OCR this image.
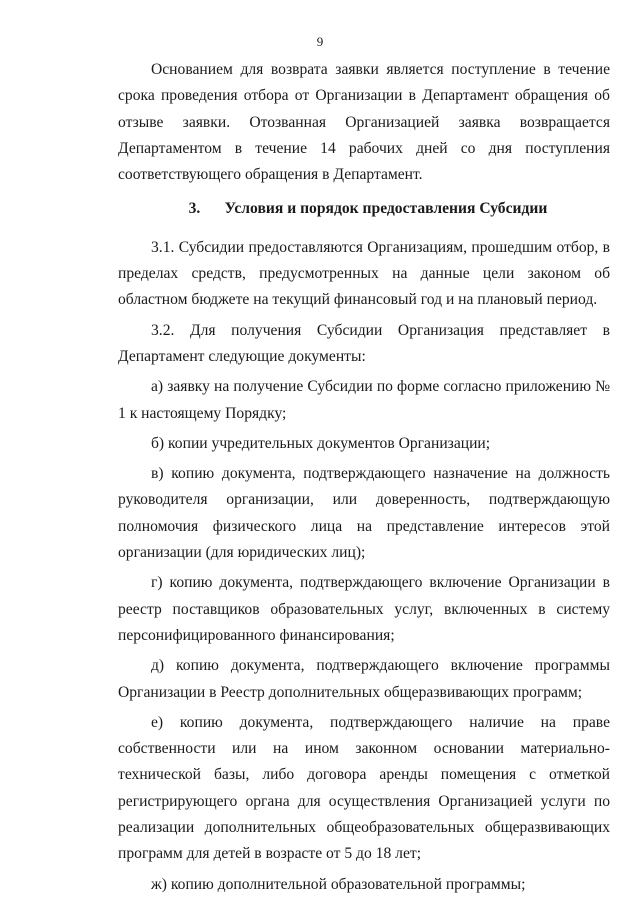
9

Основанием для возврата заявки является поступление в течение срока проведения отбора от Организации в Департамент обращения об отзыве заявки. Отозванная Организацией заявка возвращается Департаментом в течение 14 рабочих дней со дня поступления соответствующего обращения в Департамент.

3. Условия и порядок предоставления Субсидии

3.1. Субсидии предоставляются Организациям, прошедшим отбор, в пределах средств, предусмотренных на данные цели законом об областном бюджете на текущий финансовый год и на плановый период.

3.2. Для получения Субсидии Организация представляет в Департамент следующие документы:

а) заявку на получение Субсидии по форме согласно приложению № 1 к настоящему Порядку;

б) копии учредительных документов Организации;

в) копию документа, подтверждающего назначение на должность руководителя организации, или доверенность, подтверждающую полномочия физического лица на представление интересов этой организации (для юридических лиц);

г) копию документа, подтверждающего включение Организации в реестр поставщиков образовательных услуг, включенных в систему персонифицированного финансирования;

д) копию документа, подтверждающего включение программы Организации в Реестр дополнительных общеразвивающих программ;

е) копию документа, подтверждающего наличие на праве собственности или на ином законном основании материально-технической базы, либо договора аренды помещения с отметкой регистрирующего органа для осуществления Организацией услуги по реализации дополнительных общеобразовательных общеразвивающих программ для детей в возрасте от 5 до 18 лет;

ж) копию дополнительной образовательной программы;
